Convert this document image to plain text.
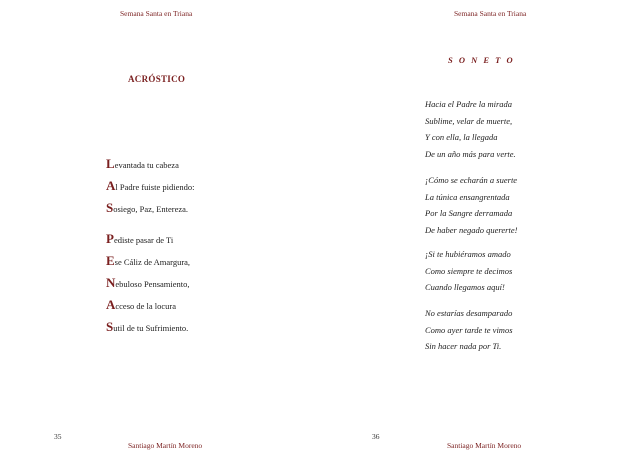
Semana Santa en Triana
ACRÓSTICO
Levantada tu cabeza
Al Padre fuiste pidiendo:
Sosiego, Paz, Entereza.
Pediste pasar de Ti
Ese Cáliz de Amargura,
Nebuloso Pensamiento,
Acceso de la locura
Sutil de tu Sufrimiento.
35
Santiago Martín Moreno
Semana Santa en Triana
S O N E T O
Hacia el Padre la mirada
Sublime, velar de muerte,
Y con ella, la llegada
De un año más para verte.
¡Cómo se echarán a suerte
La túnica ensangrentada
Por la Sangre derramada
De haber negado quererte!
¡Si te hubiéramos amado
Como siempre te decimos
Cuando llegamos aquí!
No estarías desamparado
Como ayer tarde te vimos
Sin hacer nada por Ti.
36
Santiago Martín Moreno
